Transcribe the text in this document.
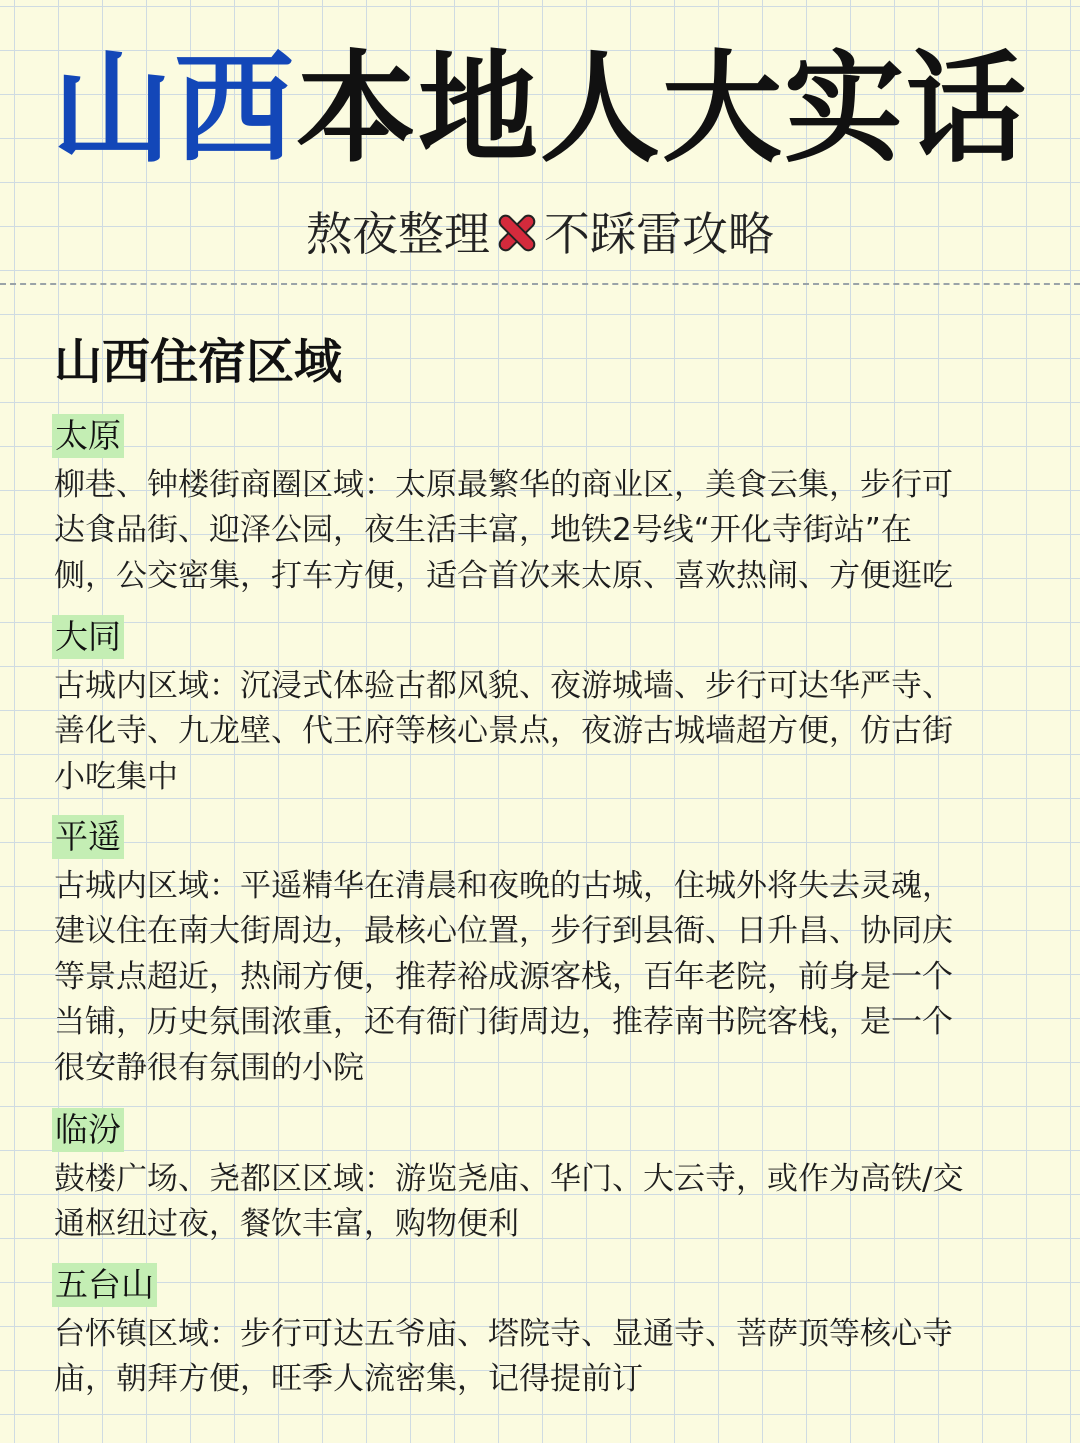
山西本地人大实话
熬夜整理 不踩雷攻略
山西住宿区域
太原
柳巷、钟楼街商圈区域：太原最繁华的商业区，美食云集，步行可
达食品街、迎泽公园，夜生活丰富，地铁2号线“开化寺街站”在
侧，公交密集，打车方便，适合首次来太原、喜欢热闹、方便逛吃
大同
古城内区域：沉浸式体验古都风貌、夜游城墙、步行可达华严寺、
善化寺、九龙壁、代王府等核心景点，夜游古城墙超方便，仿古街
小吃集中
平遥
古城内区域：平遥精华在清晨和夜晚的古城，住城外将失去灵魂，
建议住在南大街周边，最核心位置，步行到县衙、日升昌、协同庆
等景点超近，热闹方便，推荐裕成源客栈，百年老院，前身是一个
当铺，历史氛围浓重，还有衙门街周边，推荐南书院客栈，是一个
很安静很有氛围的小院
临汾
鼓楼广场、尧都区区域：游览尧庙、华门、大云寺，或作为高铁/交
通枢纽过夜，餐饮丰富，购物便利
五台山
台怀镇区域：步行可达五爷庙、塔院寺、显通寺、菩萨顶等核心寺
庙，朝拜方便，旺季人流密集，记得提前订
